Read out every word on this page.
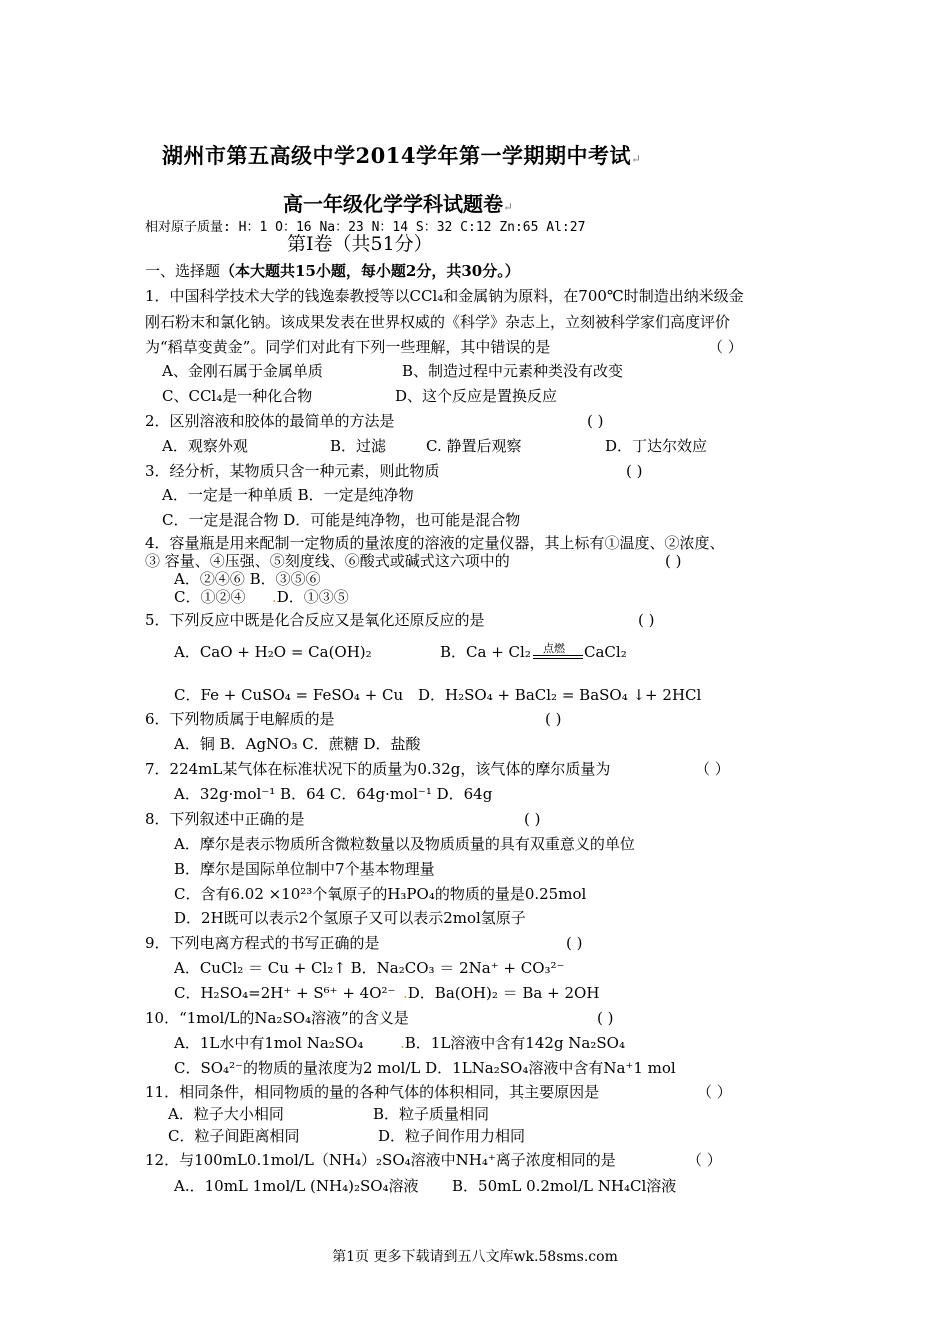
湖州市第五高级中学2014学年第一学期期中考试↵
高一年级化学学科试题卷↵
相对原子质量: H：1 O：16 Na：23 N：14 S：32 C:12 Zn:65 Al:27
第Ⅰ卷（共51分）
一、选择题（本大题共15小题，每小题2分，共30分。）
1．中国科学技术大学的钱逸泰教授等以CCl₄和金属钠为原料，在700℃时制造出纳米级金
刚石粉末和氯化钠。该成果发表在世界权威的《科学》杂志上，立刻被科学家们高度评价
为“稻草变黄金”。同学们对此有下列一些理解，其中错误的是	（ ）
A、金刚石属于金属单质	B、制造过程中元素种类没有改变
C、CCl₄是一种化合物	D、这个反应是置换反应
2．区别溶液和胶体的最简单的方法是	( )
A．观察外观	B．过滤	C. 静置后观察	D．丁达尔效应
3．经分析，某物质只含一种元素，则此物质	( )
A．一定是一种单质 B．一定是纯净物
C．一定是混合物 D．可能是纯净物，也可能是混合物
4．容量瓶是用来配制一定物质的量浓度的溶液的定量仪器，其上标有①温度、②浓度、
③ 容量、④压强、⑤刻度线、⑥酸式或碱式这六项中的	( )
A．②④⑥ B．③⑤⑥
C．①②④ .D．①③⑤
5．下列反应中既是化合反应又是氧化还原反应的是	( )
A．CaO + H₂O = Ca(OH)₂	B．Ca + Cl₂ 点燃 CaCl₂
C．Fe + CuSO₄ = FeSO₄ + Cu D．H₂SO₄ + BaCl₂ = BaSO₄ ↓+ 2HCl
6．下列物质属于电解质的是	( )
A．铜 B．AgNO₃ C．蔗糖 D．盐酸
7．224mL某气体在标准状况下的质量为0.32g，该气体的摩尔质量为	（ ）
A．32g·mol⁻¹ B．64 C．64g·mol⁻¹ D．64g
8．下列叙述中正确的是	( )
A．摩尔是表示物质所含微粒数量以及物质质量的具有双重意义的单位
B．摩尔是国际单位制中7个基本物理量
C．含有6.02 ×10²³个氧原子的H₃PO₄的物质的量是0.25mol
D．2H既可以表示2个氢原子又可以表示2mol氢原子
9．下列电离方程式的书写正确的是	( )
A．CuCl₂ ＝ Cu + Cl₂↑ B．Na₂CO₃ ＝ 2Na⁺ + CO₃²⁻
C．H₂SO₄=2H⁺ + S⁶⁺ + 4O²⁻ .D．Ba(OH)₂ ＝ Ba + 2OH
10．“1mol/L的Na₂SO₄溶液”的含义是	( )
A．1L水中有1mol Na₂SO₄ .B．1L溶液中含有142g Na₂SO₄
C．SO₄²⁻的物质的量浓度为2 mol/L D．1LNa₂SO₄溶液中含有Na⁺1 mol
11．相同条件，相同物质的量的各种气体的体积相同，其主要原因是	（ ）
A．粒子大小相同	B．粒子质量相同
C．粒子间距离相同	D．粒子间作用力相同
12．与100mL0.1mol/L（NH₄）₂SO₄溶液中NH₄⁺离子浓度相同的是	（ ）
A.．10mL 1mol/L (NH₄)₂SO₄溶液 B．50mL 0.2mol/L NH₄Cl溶液
第1页 更多下载请到五八文库wk.58sms.com
